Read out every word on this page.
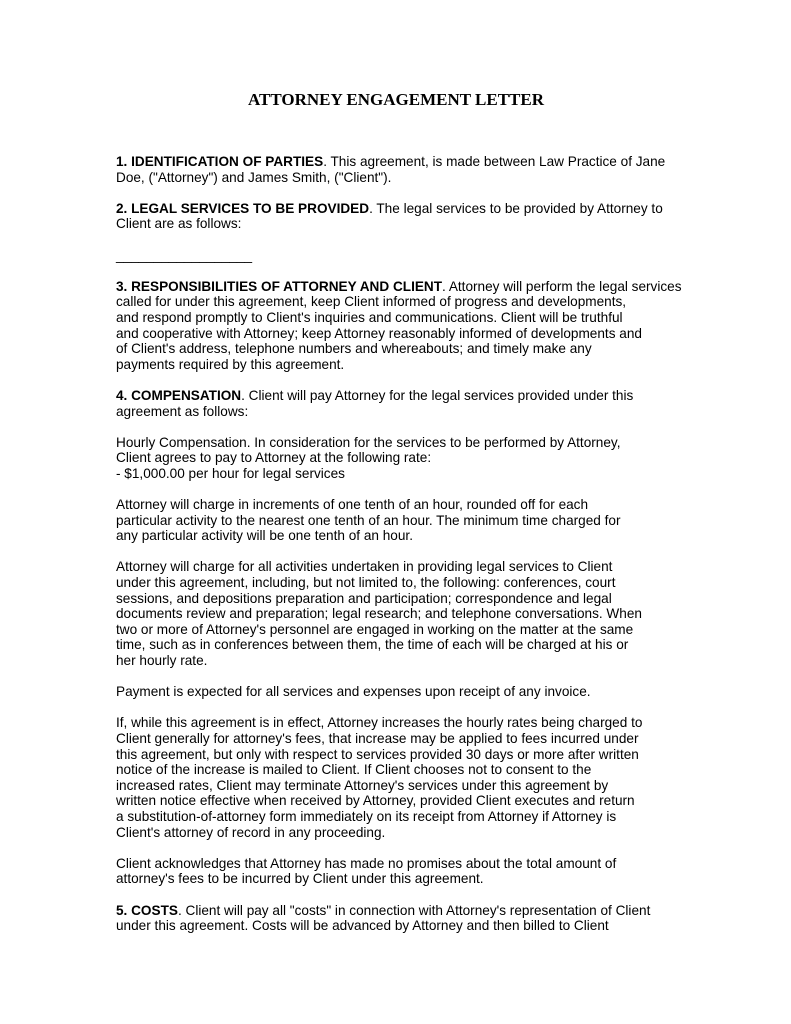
ATTORNEY ENGAGEMENT LETTER

1. IDENTIFICATION OF PARTIES. This agreement, is made between Law Practice of Jane
Doe, ("Attorney") and James Smith, ("Client").

2. LEGAL SERVICES TO BE PROVIDED. The legal services to be provided by Attorney to
Client are as follows:
__________________

3. RESPONSIBILITIES OF ATTORNEY AND CLIENT. Attorney will perform the legal services
called for under this agreement, keep Client informed of progress and developments,
and respond promptly to Client's inquiries and communications. Client will be truthful
and cooperative with Attorney; keep Attorney reasonably informed of developments and
of Client's address, telephone numbers and whereabouts; and timely make any
payments required by this agreement.

4. COMPENSATION. Client will pay Attorney for the legal services provided under this
agreement as follows:

Hourly Compensation. In consideration for the services to be performed by Attorney,
Client agrees to pay to Attorney at the following rate:
- $1,000.00 per hour for legal services

Attorney will charge in increments of one tenth of an hour, rounded off for each
particular activity to the nearest one tenth of an hour. The minimum time charged for
any particular activity will be one tenth of an hour.

Attorney will charge for all activities undertaken in providing legal services to Client
under this agreement, including, but not limited to, the following: conferences, court
sessions, and depositions preparation and participation; correspondence and legal
documents review and preparation; legal research; and telephone conversations. When
two or more of Attorney's personnel are engaged in working on the matter at the same
time, such as in conferences between them, the time of each will be charged at his or
her hourly rate.

Payment is expected for all services and expenses upon receipt of any invoice.

If, while this agreement is in effect, Attorney increases the hourly rates being charged to
Client generally for attorney's fees, that increase may be applied to fees incurred under
this agreement, but only with respect to services provided 30 days or more after written
notice of the increase is mailed to Client. If Client chooses not to consent to the
increased rates, Client may terminate Attorney's services under this agreement by
written notice effective when received by Attorney, provided Client executes and return
a substitution-of-attorney form immediately on its receipt from Attorney if Attorney is
Client's attorney of record in any proceeding.

Client acknowledges that Attorney has made no promises about the total amount of
attorney's fees to be incurred by Client under this agreement.

5. COSTS. Client will pay all "costs" in connection with Attorney's representation of Client
under this agreement. Costs will be advanced by Attorney and then billed to Client
